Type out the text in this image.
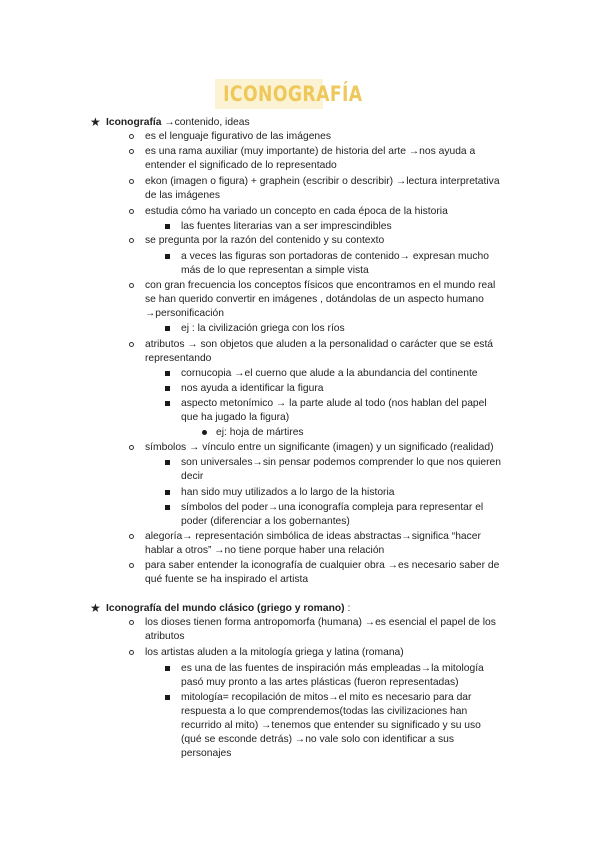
ICONOGRAFÍA
★ Iconografía →contenido, ideas
es el lenguaje figurativo de las imágenes
es una rama auxiliar (muy importante) de historia del arte →nos ayuda a
entender el significado de lo representado
ekon (imagen o figura) + graphein (escribir o describir) →lectura interpretativa
de las imágenes
estudia cómo ha variado un concepto en cada época de la historia
las fuentes literarias van a ser imprescindibles
se pregunta por la razón del contenido y su contexto
a veces las figuras son portadoras de contenido→ expresan mucho
más de lo que representan a simple vista
con gran frecuencia los conceptos físicos que encontramos en el mundo real
se han querido convertir en imágenes , dotándolas de un aspecto humano
→personificación
ej : la civilización griega con los ríos
atributos → son objetos que aluden a la personalidad o carácter que se está
representando
cornucopia →el cuerno que alude a la abundancia del continente
nos ayuda a identificar la figura
aspecto metonímico → la parte alude al todo (nos hablan del papel
que ha jugado la figura)
ej: hoja de mártires
símbolos → vínculo entre un significante (imagen) y un significado (realidad)
son universales→sin pensar podemos comprender lo que nos quieren
decir
han sido muy utilizados a lo largo de la historia
símbolos del poder→una iconografía compleja para representar el
poder (diferenciar a los gobernantes)
alegoría→ representación simbólica de ideas abstractas→significa “hacer
hablar a otros” →no tiene porque haber una relación
para saber entender la iconografía de cualquier obra →es necesario saber de
qué fuente se ha inspirado el artista
★ Iconografía del mundo clásico (griego y romano) :
los dioses tienen forma antropomorfa (humana) →es esencial el papel de los
atributos
los artistas aluden a la mitología griega y latina (romana)
es una de las fuentes de inspiración más empleadas→la mitología
pasó muy pronto a las artes plásticas (fueron representadas)
mitología= recopilación de mitos→el mito es necesario para dar
respuesta a lo que comprendemos(todas las civilizaciones han
recurrido al mito) →tenemos que entender su significado y su uso
(qué se esconde detrás) →no vale solo con identificar a sus
personajes
